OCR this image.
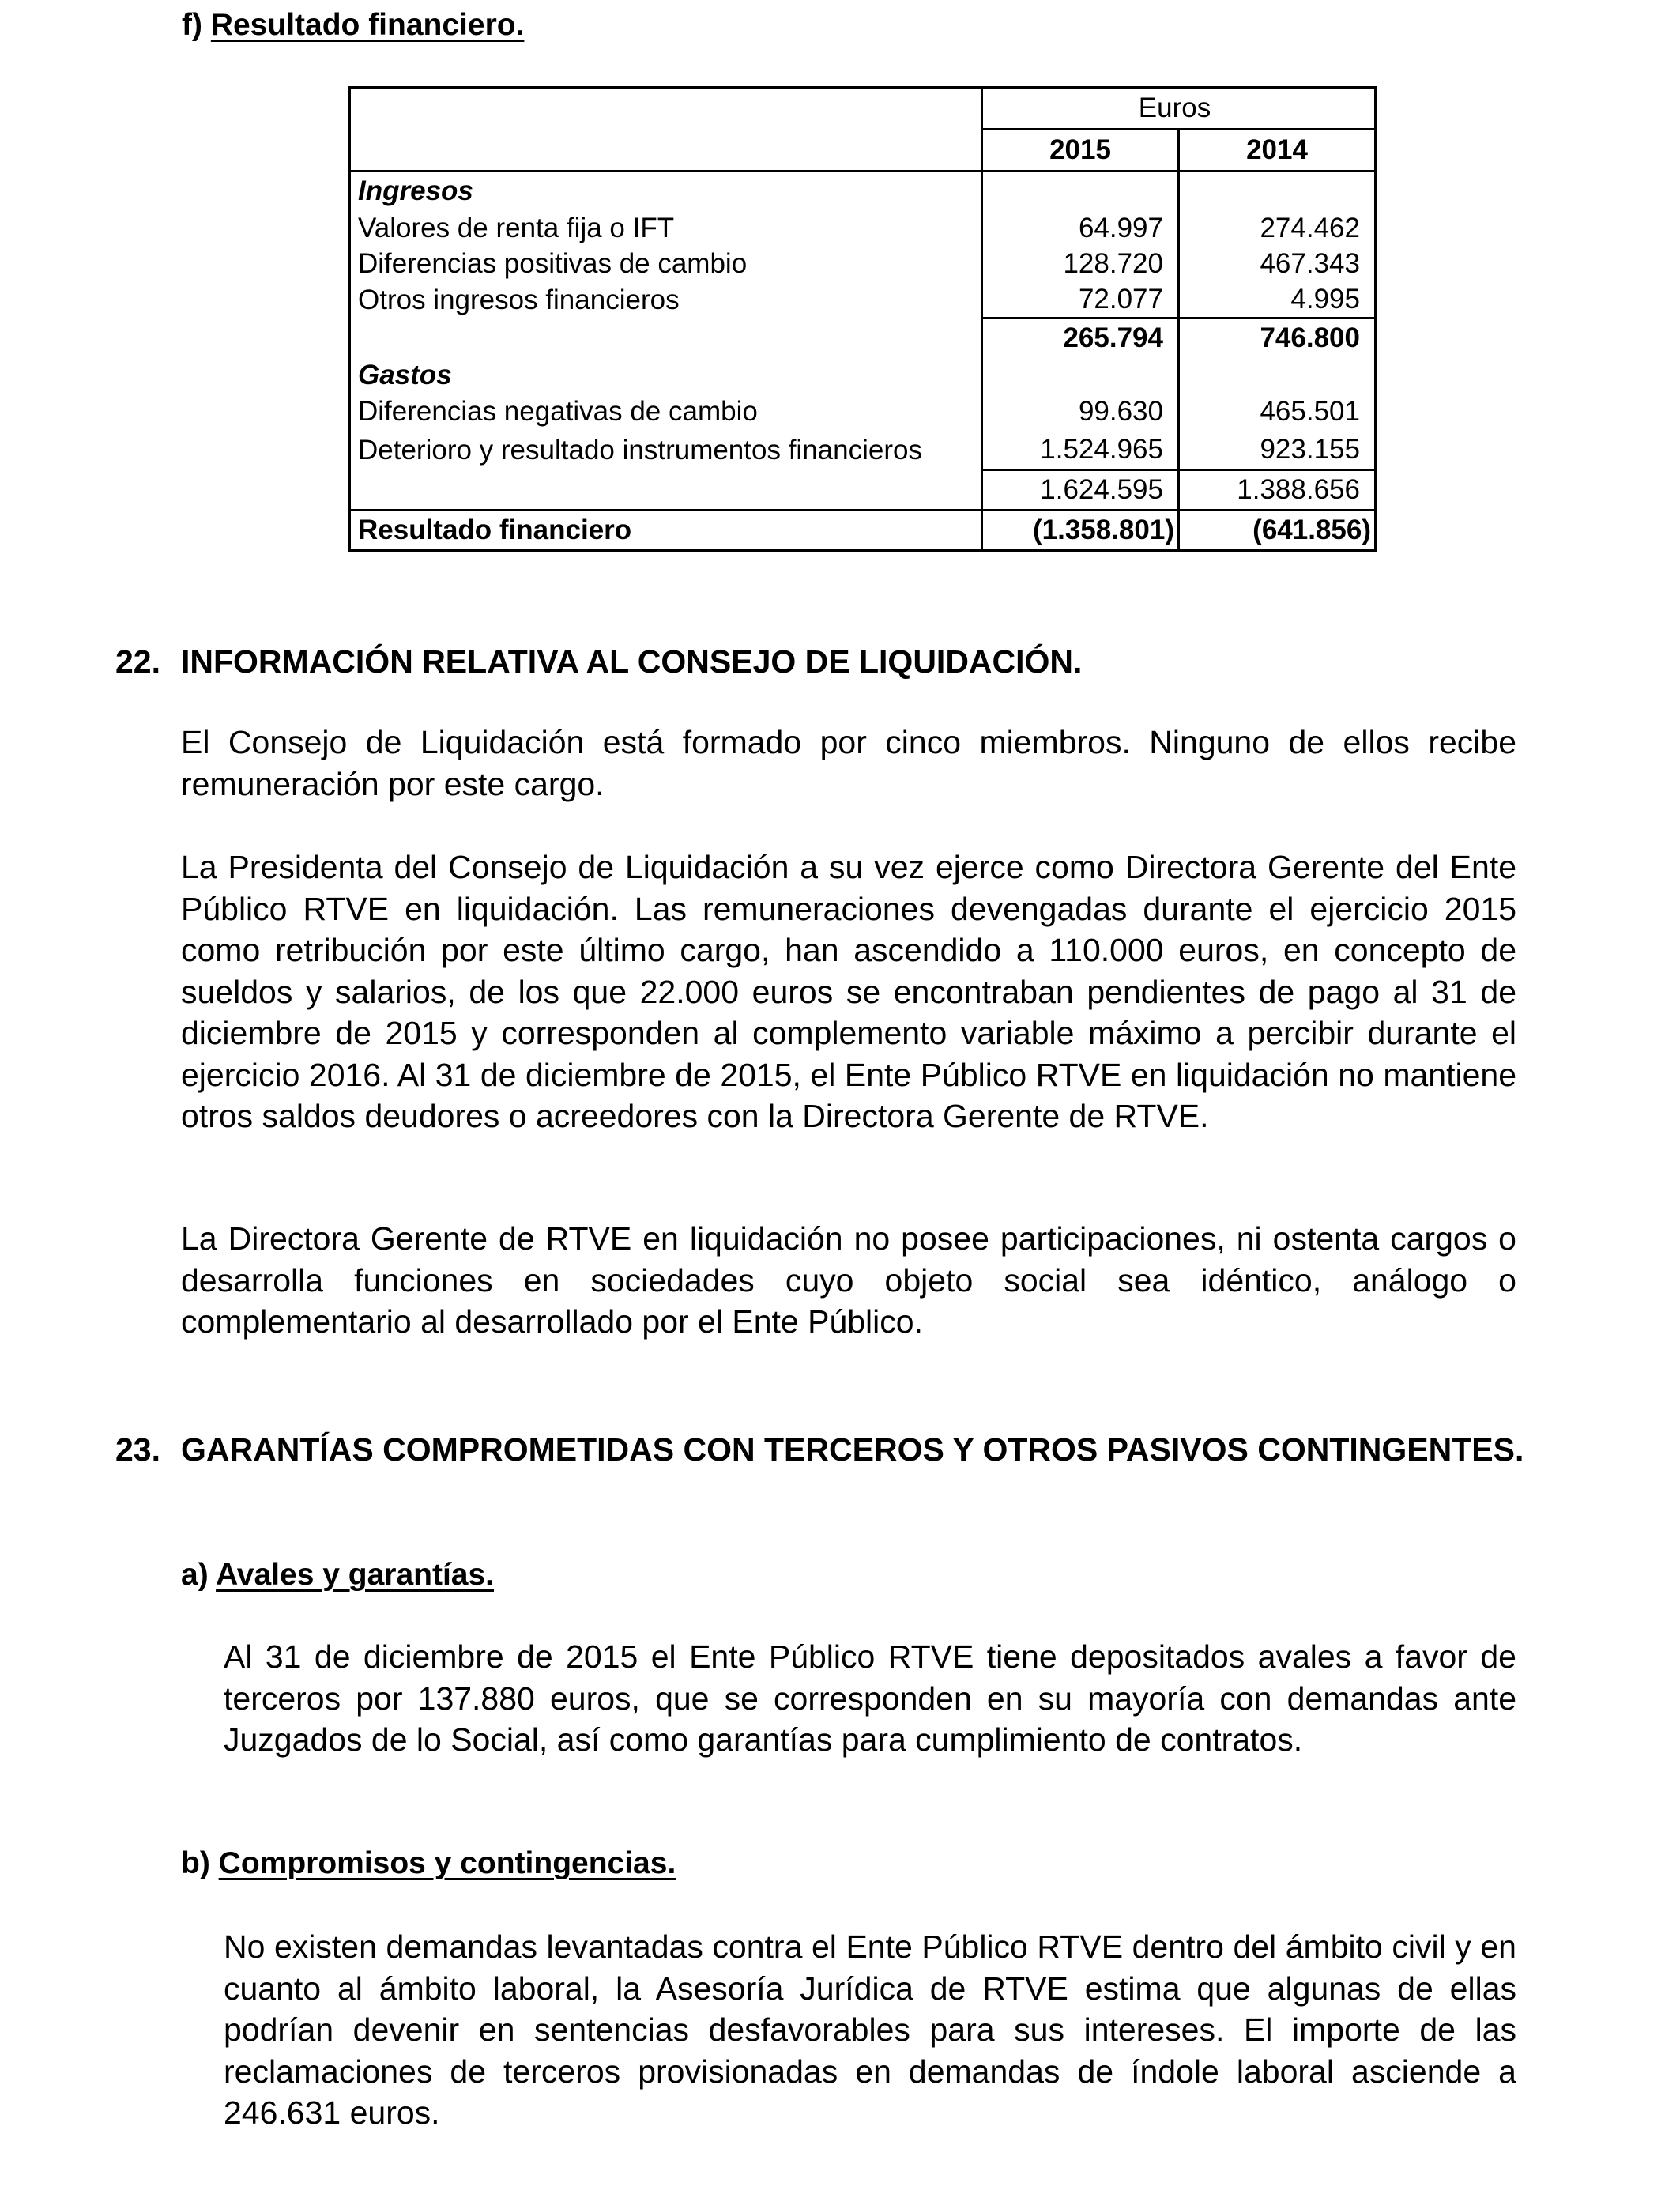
f) Resultado financiero.
	Euros	
	2015	2014
Ingresos		
Valores de renta fija o IFT	64.997	274.462
Diferencias positivas de cambio	128.720	467.343
Otros ingresos financieros	72.077	4.995
	265.794	746.800
Gastos		
Diferencias negativas de cambio	99.630	465.501
Deterioro y resultado instrumentos financieros	1.524.965	923.155
	1.624.595	1.388.656
Resultado financiero	(1.358.801)	(641.856)
22. INFORMACIÓN RELATIVA AL CONSEJO DE LIQUIDACIÓN.
El Consejo de Liquidación está formado por cinco miembros. Ninguno de ellos recibe remuneración por este cargo.
La Presidenta del Consejo de Liquidación a su vez ejerce como Directora Gerente del Ente Público RTVE en liquidación. Las remuneraciones devengadas durante el ejercicio 2015 como retribución por este último cargo, han ascendido a 110.000 euros, en concepto de sueldos y salarios, de los que 22.000 euros se encontraban pendientes de pago al 31 de diciembre de 2015 y corresponden al complemento variable máximo a percibir durante el ejercicio 2016. Al 31 de diciembre de 2015, el Ente Público RTVE en liquidación no mantiene otros saldos deudores o acreedores con la Directora Gerente de RTVE.
La Directora Gerente de RTVE en liquidación no posee participaciones, ni ostenta cargos o desarrolla funciones en sociedades cuyo objeto social sea idéntico, análogo o complementario al desarrollado por el Ente Público.
23. GARANTÍAS COMPROMETIDAS CON TERCEROS Y OTROS PASIVOS CONTINGENTES.
a) Avales y garantías.
Al 31 de diciembre de 2015 el Ente Público RTVE tiene depositados avales a favor de terceros por 137.880 euros, que se corresponden en su mayoría con demandas ante Juzgados de lo Social, así como garantías para cumplimiento de contratos.
b) Compromisos y contingencias.
No existen demandas levantadas contra el Ente Público RTVE dentro del ámbito civil y en cuanto al ámbito laboral, la Asesoría Jurídica de RTVE estima que algunas de ellas podrían devenir en sentencias desfavorables para sus intereses. El importe de las reclamaciones de terceros provisionadas en demandas de índole laboral asciende a 246.631 euros.
